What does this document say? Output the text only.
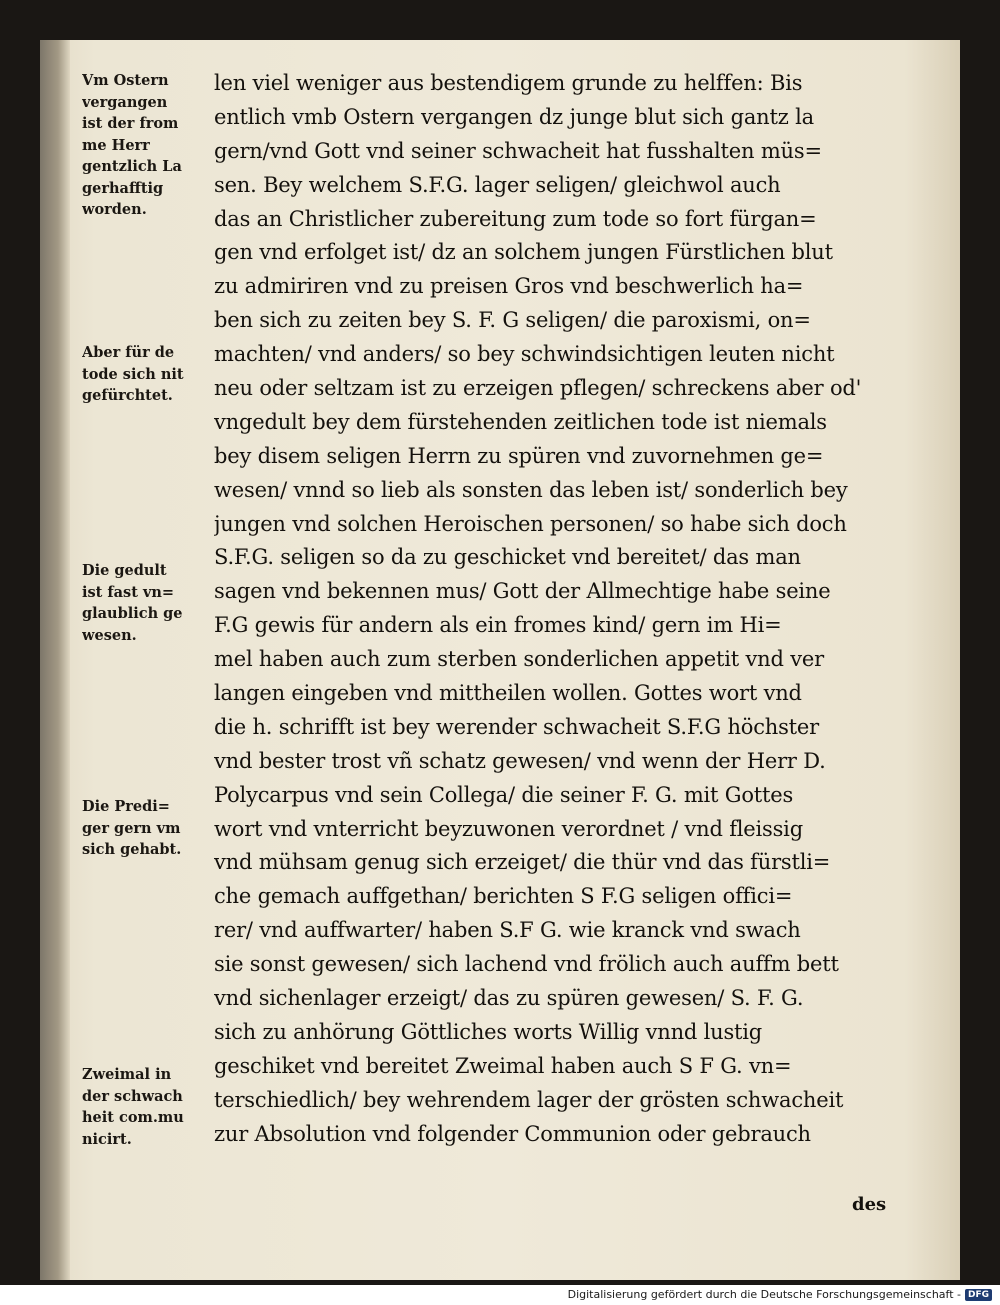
Vm Ostern
vergangen
ist der from
me Herr
gentzlich La
gerhafftig
worden.
Aber für de
tode sich nit
gefürchtet.
Die gedult
ist fast vn=
glaublich ge
wesen.
Die Predi=
ger gern vm
sich gehabt.
Zweimal in
der schwach
heit com.mu
nicirt.
len viel weniger aus bestendigem grunde zu helffen: Bis
entlich vmb Ostern vergangen dz junge blut sich gantz la
gern/vnd Gott vnd seiner schwacheit hat fusshalten müs=
sen. Bey welchem S.F.G. lager seligen/ gleichwol auch
das an Christlicher zubereitung zum tode so fort fürgan=
gen vnd erfolget ist/ dz an solchem jungen Fürstlichen blut
zu admiriren vnd zu preisen Gros vnd beschwerlich ha=
ben sich zu zeiten bey S. F. G seligen/ die paroxismi, on=
machten/ vnd anders/ so bey schwindsichtigen leuten nicht
neu oder seltzam ist zu erzeigen pflegen/ schreckens aber od'
vngedult bey dem fürstehenden zeitlichen tode ist niemals
bey disem seligen Herrn zu spüren vnd zuvornehmen ge=
wesen/ vnnd so lieb als sonsten das leben ist/ sonderlich bey
jungen vnd solchen Heroischen personen/ so habe sich doch
S.F.G. seligen so da zu geschicket vnd bereitet/ das man
sagen vnd bekennen mus/ Gott der Allmechtige habe seine
F.G gewis für andern als ein fromes kind/ gern im Hi=
mel haben auch zum sterben sonderlichen appetit vnd ver
langen eingeben vnd mittheilen wollen. Gottes wort vnd
die h. schrifft ist bey werender schwacheit S.F.G höchster
vnd bester trost vñ schatz gewesen/ vnd wenn der Herr D.
Polycarpus vnd sein Collega/ die seiner F. G. mit Gottes
wort vnd vnterricht beyzuwonen verordnet / vnd fleissig
vnd mühsam genug sich erzeiget/ die thür vnd das fürstli=
che gemach auffgethan/ berichten S F.G seligen offici=
rer/ vnd auffwarter/ haben S.F G. wie kranck vnd swach
sie sonst gewesen/ sich lachend vnd frölich auch auffm bett
vnd sichenlager erzeigt/ das zu spüren gewesen/ S. F. G.
sich zu anhörung Göttliches worts Willig vnnd lustig
geschiket vnd bereitet Zweimal haben auch S F G. vn=
terschiedlich/ bey wehrendem lager der grösten schwacheit
zur Absolution vnd folgender Communion oder gebrauch
des
Digitalisierung gefördert durch die Deutsche Forschungsgemeinschaft - DFG
